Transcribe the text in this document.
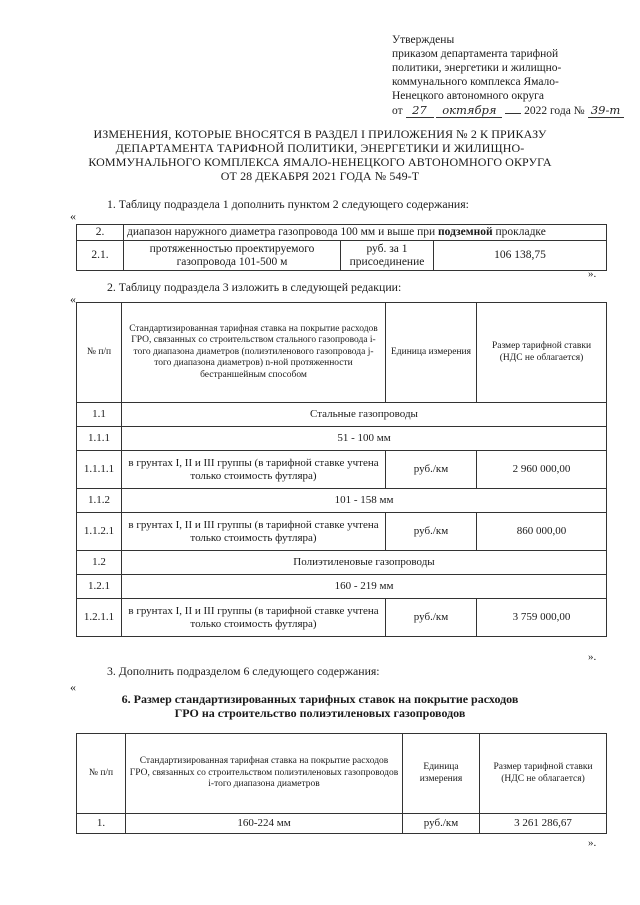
Утверждены
приказом департамента тарифной
политики, энергетики и жилищно-
коммунального комплекса Ямало-
Ненецкого автономного округа
от 27 октября 2022 года № 39-т
ИЗМЕНЕНИЯ, КОТОРЫЕ ВНОСЯТСЯ В РАЗДЕЛ I ПРИЛОЖЕНИЯ № 2 К ПРИКАЗУ
ДЕПАРТАМЕНТА ТАРИФНОЙ ПОЛИТИКИ, ЭНЕРГЕТИКИ И ЖИЛИЩНО-
КОММУНАЛЬНОГО КОМПЛЕКСА ЯМАЛО-НЕНЕЦКОГО АВТОНОМНОГО ОКРУГА
ОТ 28 ДЕКАБРЯ 2021 ГОДА № 549-Т
1. Таблицу подраздела 1 дополнить пунктом 2 следующего содержания:
«
2.	диапазон наружного диаметра газопровода 100 мм и выше при подземной прокладке		
2.1.	протяженностью проектируемого газопровода 101-500 м	руб. за 1 присоединение	106 138,75
».
2. Таблицу подраздела 3 изложить в следующей редакции:
«
№ п/п	Стандартизированная тарифная ставка на покрытие расходов ГРО, связанных со строительством стального газопровода i-того диапазона диаметров (полиэтиленового газопровода j-того диапазона диаметров) n-ной протяженности бестраншейным способом	Единица измерения	Размер тарифной ставки (НДС не облагается)
1.1	Стальные газопроводы		
1.1.1	51 - 100 мм		
1.1.1.1	в грунтах I, II и III группы (в тарифной ставке учтена только стоимость футляра)	руб./км	2 960 000,00
1.1.2	101 - 158 мм		
1.1.2.1	в грунтах I, II и III группы (в тарифной ставке учтена только стоимость футляра)	руб./км	860 000,00
1.2	Полиэтиленовые газопроводы		
1.2.1	160 - 219 мм		
1.2.1.1	в грунтах I, II и III группы (в тарифной ставке учтена только стоимость футляра)	руб./км	3 759 000,00
».
3. Дополнить подразделом 6 следующего содержания:
«
6. Размер стандартизированных тарифных ставок на покрытие расходов
ГРО на строительство полиэтиленовых газопроводов
№ п/п	Стандартизированная тарифная ставка на покрытие расходов ГРО, связанных со строительством полиэтиленовых газопроводов i-того диапазона диаметров	Единица измерения	Размер тарифной ставки (НДС не облагается)
1.	160-224 мм	руб./км	3 261 286,67
».
